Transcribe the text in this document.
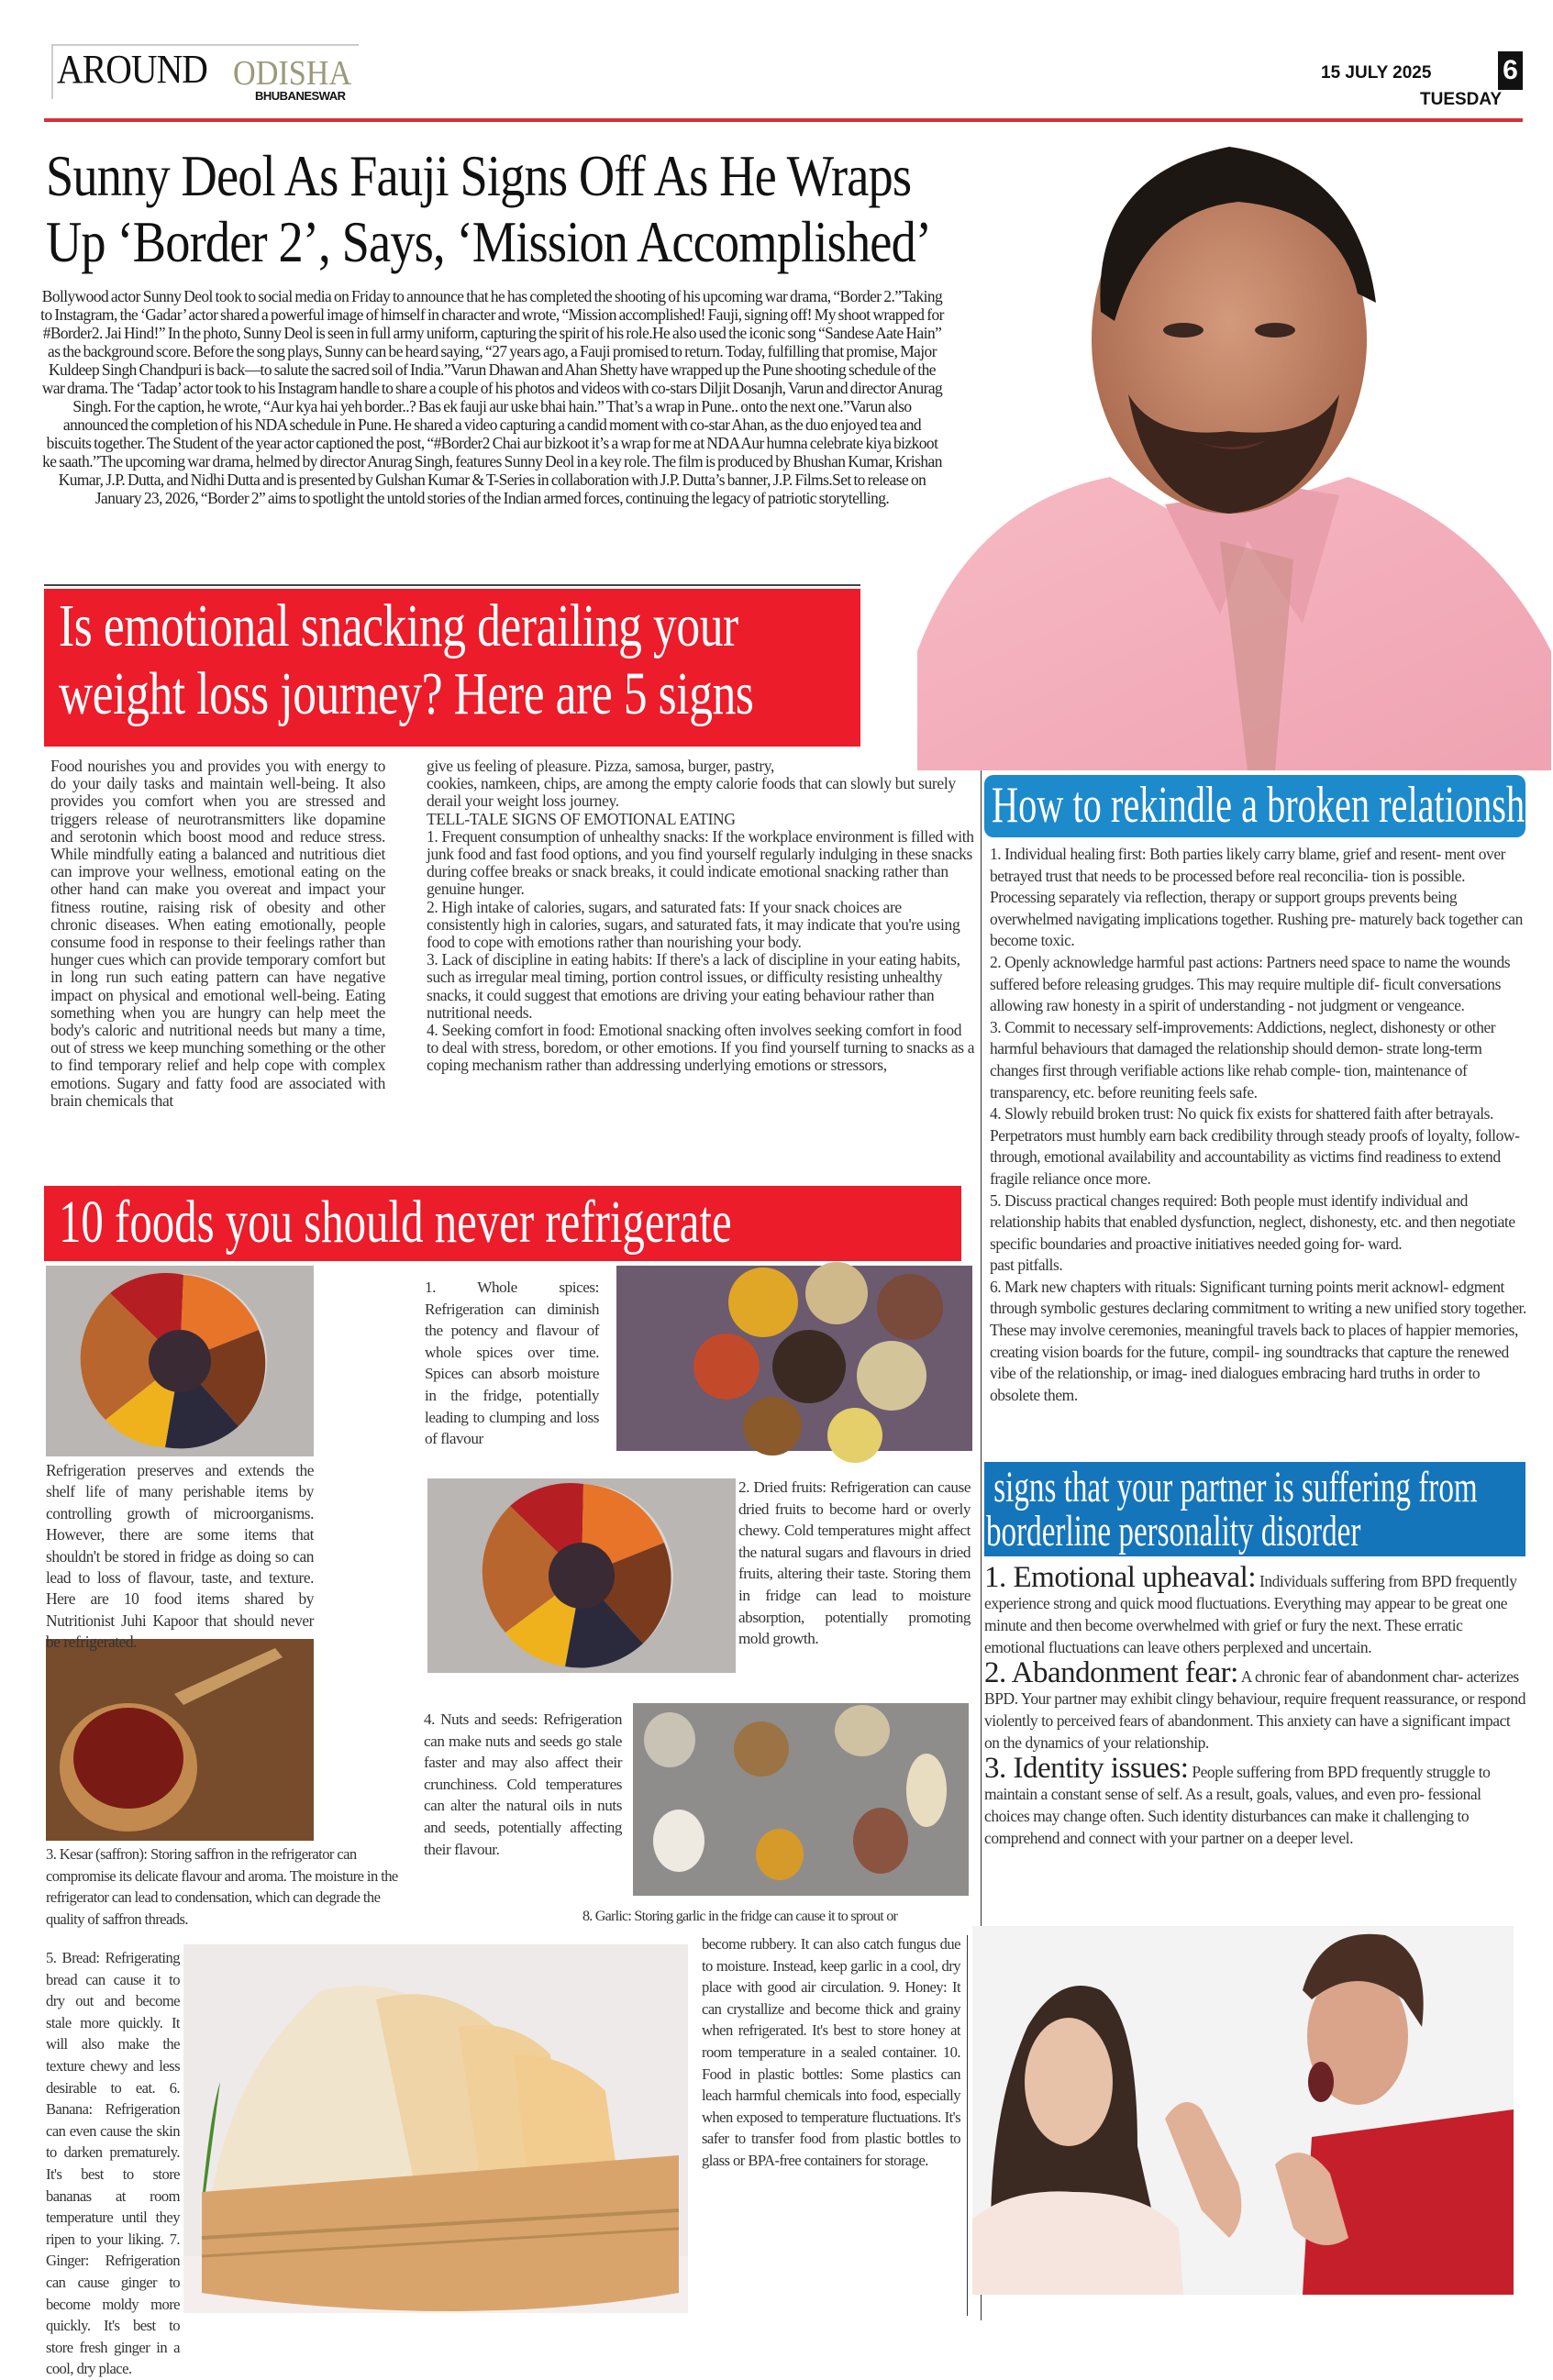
AROUND ODISHA
BHUBANESWAR
15 JULY 2025	6
TUESDAY
Sunny Deol As Fauji Signs Off As He Wraps Up ‘Border 2’, Says, ‘Mission Accomplished’
Bollywood actor Sunny Deol took to social media on Friday to announce that he has completed the shooting of his upcoming war drama, “Border 2.”Taking to Instagram, the ‘Gadar’ actor shared a powerful image of himself in character and wrote, “Mission accomplished! Fauji, signing off! My shoot wrapped for #Border2. Jai Hind!” In the photo, Sunny Deol is seen in full army uniform, capturing the spirit of his role.He also used the iconic song “Sandese Aate Hain” as the background score. Before the song plays, Sunny can be heard saying, “27 years ago, a Fauji promised to return. Today, fulfilling that promise, Major Kuldeep Singh Chandpuri is back—to salute the sacred soil of India.”Varun Dhawan and Ahan Shetty have wrapped up the Pune shooting schedule of the war drama. The ‘Tadap’ actor took to his Instagram handle to share a couple of his photos and videos with co-stars Diljit Dosanjh, Varun and director Anurag Singh. For the caption, he wrote, “Aur kya hai yeh border..? Bas ek fauji aur uske bhai hain.” That’s a wrap in Pune.. onto the next one.”Varun also announced the completion of his NDA schedule in Pune. He shared a video capturing a candid moment with co-star Ahan, as the duo enjoyed tea and biscuits together. The Student of the year actor captioned the post, “#Border2 Chai aur bizkoot it’s a wrap for me at NDA Aur humna celebrate kiya bizkoot ke saath.”The upcoming war drama, helmed by director Anurag Singh, features Sunny Deol in a key role. The film is produced by Bhushan Kumar, Krishan Kumar, J.P. Dutta, and Nidhi Dutta and is presented by Gulshan Kumar & T-Series in collaboration with J.P. Dutta’s banner, J.P. Films.Set to release on January 23, 2026, “Border 2” aims to spotlight the untold stories of the Indian armed forces, continuing the legacy of patriotic storytelling.
Is emotional snacking derailing your weight loss journey? Here are 5 signs
Food nourishes you and provides you with energy to do your daily tasks and maintain well-being. It also provides you comfort when you are stressed and triggers release of neurotransmitters like dopamine and serotonin which boost mood and reduce stress. While mindfully eating a balanced and nutritious diet can improve your wellness, emotional eating on the other hand can make you overeat and impact your fitness routine, raising risk of obesity and other chronic diseases. When eating emotionally, people consume food in response to their feelings rather than hunger cues which can provide temporary comfort but in long run such eating pattern can have negative impact on physical and emotional well-being. Eating something when you are hungry can help meet the body's caloric and nutritional needs but many a time, out of stress we keep munching something or the other to find temporary relief and help cope with complex emotions. Sugary and fatty food are associated with brain chemicals that

give us feeling of pleasure. Pizza, samosa, burger, pastry,

cookies, namkeen, chips, are among the empty calorie foods that can slowly but surely derail your weight loss journey.

TELL-TALE SIGNS OF EMOTIONAL EATING

1. Frequent consumption of unhealthy snacks: If the workplace environment is filled with junk food and fast food options, and you find yourself regularly indulging in these snacks during coffee breaks or snack breaks, it could indicate emotional snacking rather than genuine hunger.

2. High intake of calories, sugars, and saturated fats: If your snack choices are consistently high in calories, sugars, and saturated fats, it may indicate that you're using food to cope with emotions rather than nourishing your body.

3. Lack of discipline in eating habits: If there's a lack of discipline in your eating habits, such as irregular meal timing, portion control issues, or difficulty resisting unhealthy snacks, it could suggest that emotions are driving your eating behaviour rather than nutritional needs.

4. Seeking comfort in food: Emotional snacking often involves seeking comfort in food to deal with stress, boredom, or other emotions. If you find yourself turning to snacks as a coping mechanism rather than addressing underlying emotions or stressors,

How to rekindle a broken relationship

1. Individual healing first: Both parties likely carry blame, grief and resent- ment over betrayed trust that needs to be processed before real reconcilia- tion is possible. Processing separately via reflection, therapy or support groups prevents being overwhelmed navigating implications together. Rushing pre- maturely back together can become toxic.

2. Openly acknowledge harmful past actions: Partners need space to name the wounds suffered before releasing grudges. This may require multiple dif- ficult conversations allowing raw honesty in a spirit of understanding - not judgment or vengeance.

3. Commit to necessary self-improvements: Addictions, neglect, dishonesty or other harmful behaviours that damaged the relationship should demon- strate long-term changes first through verifiable actions like rehab comple- tion, maintenance of transparency, etc. before reuniting feels safe.

4. Slowly rebuild broken trust: No quick fix exists for shattered faith after betrayals. Perpetrators must humbly earn back credibility through steady proofs of loyalty, follow-through, emotional availability and accountability as victims find readiness to extend fragile reliance once more.

5. Discuss practical changes required: Both people must identify individual and relationship habits that enabled dysfunction, neglect, dishonesty, etc. and then negotiate specific boundaries and proactive initiatives needed going for- ward.

past pitfalls.

6. Mark new chapters with rituals: Significant turning points merit acknowl- edgment through symbolic gestures declaring commitment to writing a new unified story together. These may involve ceremonies, meaningful travels back to places of happier memories, creating vision boards for the future, compil- ing soundtracks that capture the renewed vibe of the relationship, or imag- ined dialogues embracing hard truths in order to obsolete them.

signs that your partner is suffering from
borderline personality disorder

1. Emotional upheaval: Individuals suffering from BPD frequently experience strong and quick mood fluctuations. Everything may appear to be great one minute and then become overwhelmed with grief or fury the next. These erratic emotional fluctuations can leave others perplexed and uncertain.

2. Abandonment fear: A chronic fear of abandonment char- acterizes BPD. Your partner may exhibit clingy behaviour, require frequent reassurance, or respond violently to perceived fears of abandonment. This anxiety can have a significant impact on the dynamics of your relationship.

3. Identity issues: People suffering from BPD frequently struggle to maintain a constant sense of self. As a result, goals, values, and even pro- fessional choices may change often. Such identity disturbances can make it challenging to comprehend and connect with your partner on a deeper level.

10 foods you should never refrigerate
1. Whole spices: Refrigeration can diminish the potency and flavour of whole spices over time. Spices can absorb moisture in the fridge, potentially leading to clumping and loss of flavour
Refrigeration preserves and extends the shelf life of many perishable items by controlling growth of microorganisms. However, there are some items that shouldn't be stored in fridge as doing so can lead to loss of flavour, taste, and texture. Here are 10 food items shared by Nutritionist Juhi Kapoor that should never be refrigerated.
2. Dried fruits: Refrigeration can cause dried fruits to become hard or overly chewy. Cold temperatures might affect the natural sugars and flavours in dried fruits, altering their taste. Storing them in fridge can lead to moisture absorption, potentially promoting mold growth.
3. Kesar (saffron): Storing saffron in the refrigerator can compromise its delicate flavour and aroma. The moisture in the refrigerator can lead to condensation, which can degrade the quality of saffron threads.
4. Nuts and seeds: Refrigeration can make nuts and seeds go stale faster and may also affect their crunchiness. Cold temperatures can alter the natural oils in nuts and seeds, potentially affecting their flavour.
8. Garlic: Storing garlic in the fridge can cause it to sprout or
5. Bread: Refrigerating bread can cause it to dry out and become stale more quickly. It will also make the texture chewy and less desirable to eat. 6. Banana: Refrigeration can even cause the skin to darken prematurely. It's best to store bananas at room temperature until they ripen to your liking. 7. Ginger: Refrigeration can cause ginger to become moldy more quickly. It's best to store fresh ginger in a cool, dry place.
become rubbery. It can also catch fungus due to moisture. Instead, keep garlic in a cool, dry place with good air circulation. 9. Honey: It can crystallize and become thick and grainy when refrigerated. It's best to store honey at room temperature in a sealed container. 10. Food in plastic bottles: Some plastics can leach harmful chemicals into food, especially when exposed to temperature fluctuations. It's safer to transfer food from plastic bottles to glass or BPA-free containers for storage.
